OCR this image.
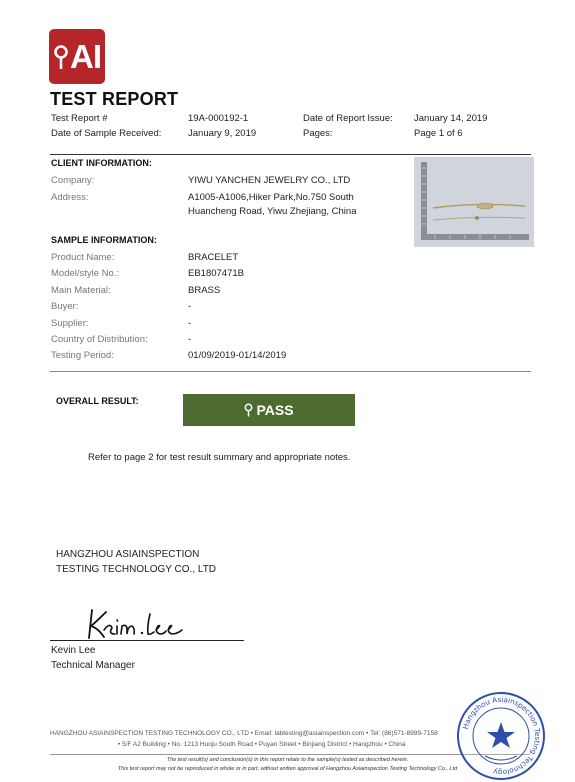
AI
TEST REPORT
Test Report #	19A-000192-1	Date of Report Issue: January 14, 2019
Date of Sample Received:	January 9, 2019	Pages:	Page 1 of 6
CLIENT INFORMATION:
Company:	YIWU YANCHEN JEWELRY CO., LTD
Address:	A1005-A1006,Hiker Park,No.750 South
Huancheng Road, Yiwu Zhejiang, China
SAMPLE INFORMATION:
Product Name:	BRACELET
Model/style No.:	EB1807471B
Main Material:	BRASS
Buyer:	-
Supplier:	-
Country of Distribution:	-
Testing Period:	01/09/2019-01/14/2019
OVERALL RESULT:
PASS
Refer to page 2 for test result summary and appropriate notes.
HANGZHOU ASIAINSPECTION
TESTING TECHNOLOGY CO., LTD
Kevin Lee
Technical Manager
HANGZHOU ASIAINSPECTION TESTING TECHNOLOGY CO., LTD • Email: labtesting@asiainspection.com • Tel: (86)571-8999-7158
• 5/F A2 Building • No. 1213 Huoju South Road • Puyan Street • Binjiang District • Hangzhou • China
The test result(s) and conclusion(s) in this report relate to the sample(s) tested as described herein.
This test report may not be reproduced in whole or in part, without written approval of Hangzhou Asiainspection Testing Technology Co., Ltd
Hangzhou Asiainspection Testing Technology
